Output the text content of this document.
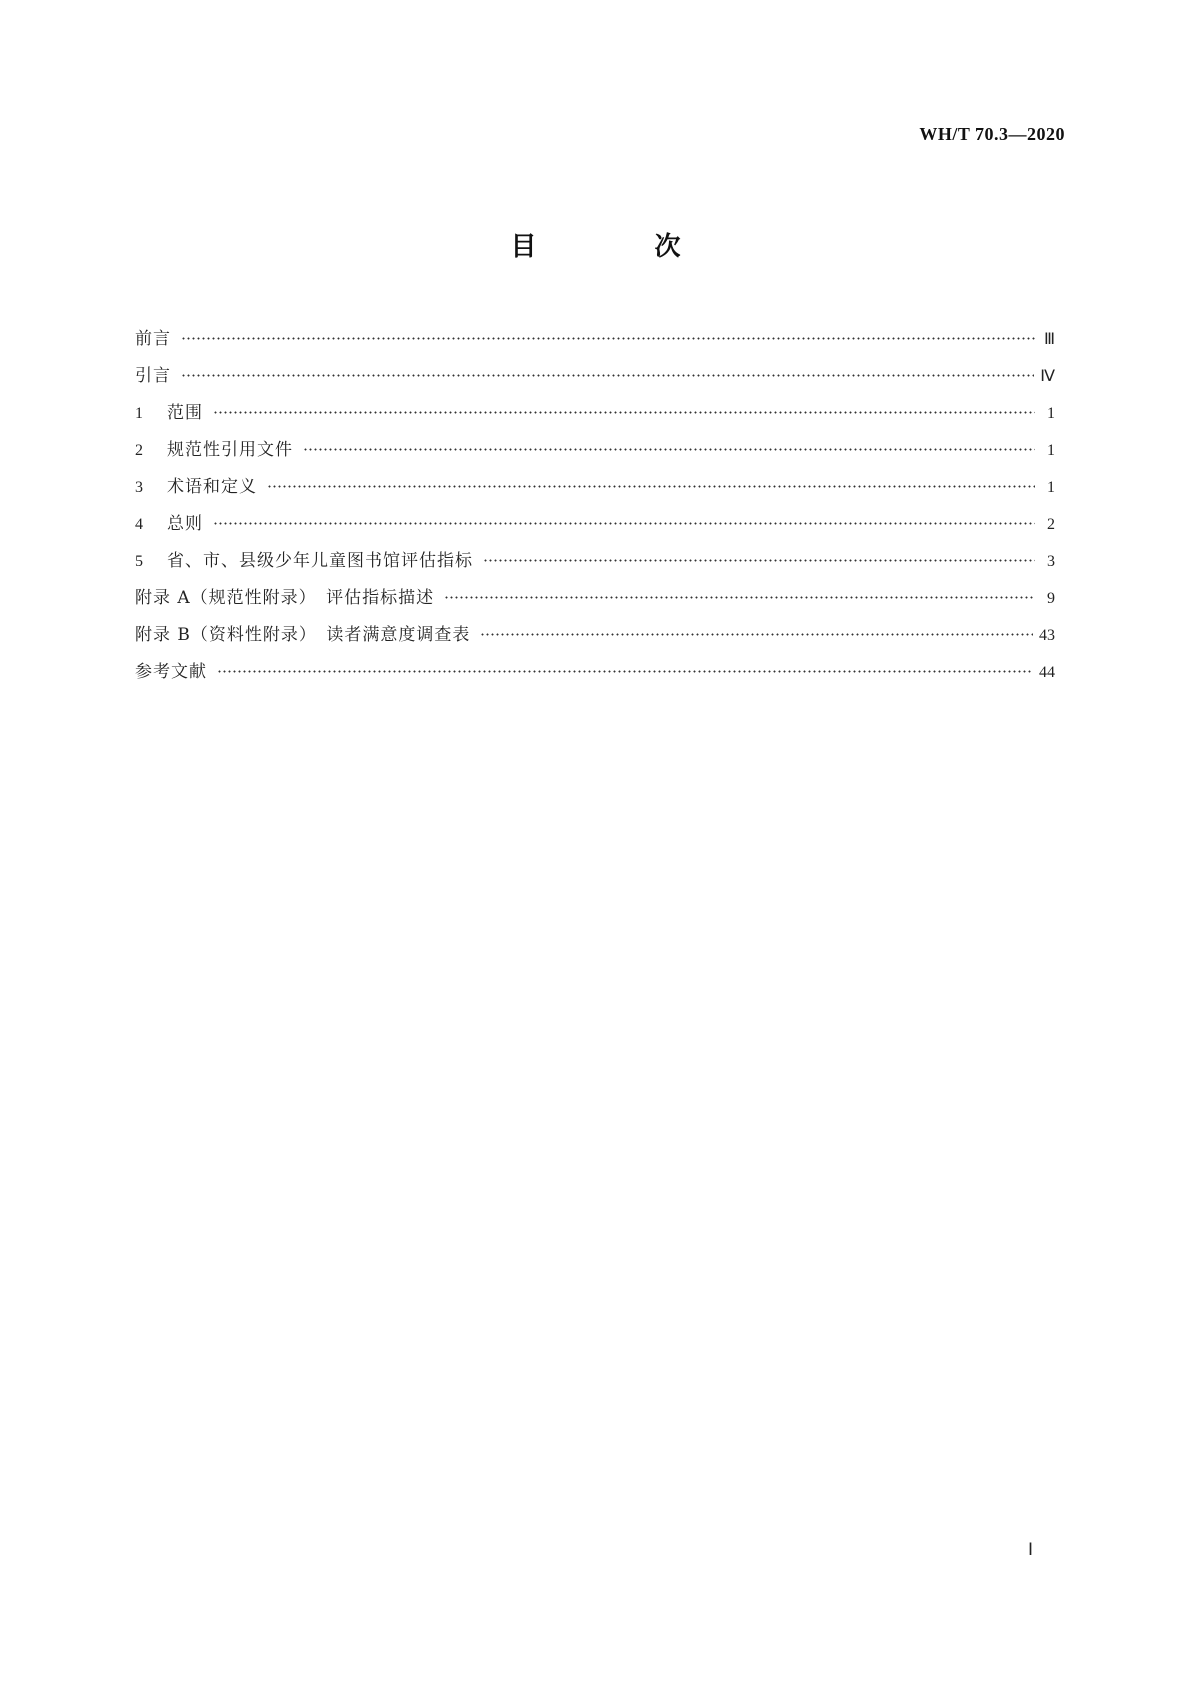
WH/T 70.3—2020
目　次
前言	Ⅲ
引言	Ⅳ
1	范围	1
2	规范性引用文件	1
3	术语和定义	1
4	总则	2
5	省、市、县级少年儿童图书馆评估指标	3
附录 A（规范性附录）　评估指标描述	9
附录 B（资料性附录）　读者满意度调查表	43
参考文献	44
Ⅰ
